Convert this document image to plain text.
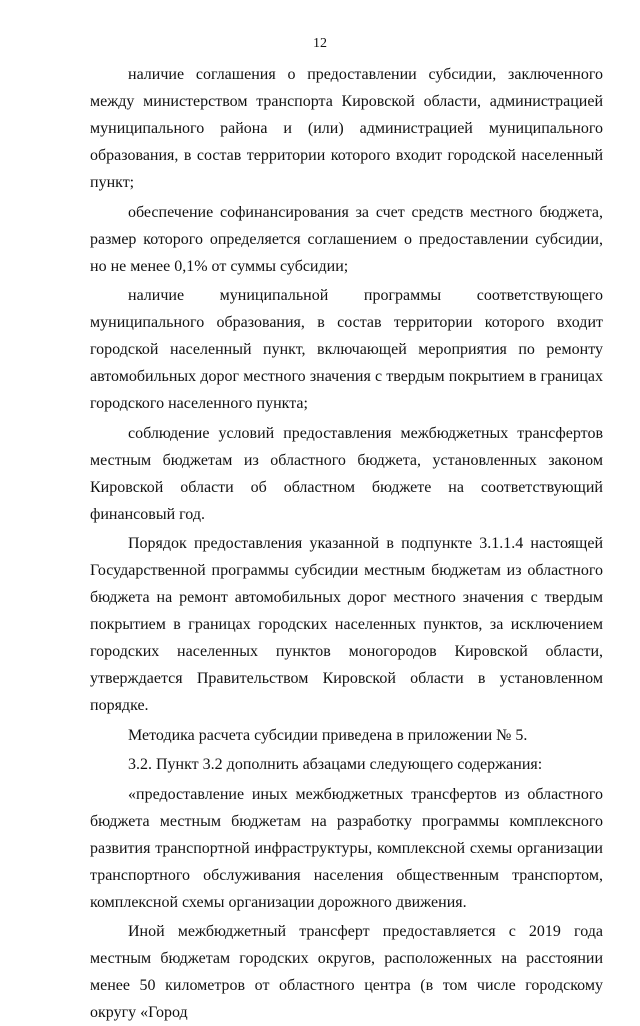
12

наличие соглашения о предоставлении субсидии, заключенного между министерством транспорта Кировской области, администрацией муниципального района и (или) администрацией муниципального образования, в состав территории которого входит городской населенный пункт;

обеспечение софинансирования за счет средств местного бюджета, размер которого определяется соглашением о предоставлении субсидии, но не менее 0,1% от суммы субсидии;

наличие муниципальной программы соответствующего муниципального образования, в состав территории которого входит городской населенный пункт, включающей мероприятия по ремонту автомобильных дорог местного значения с твердым покрытием в границах городского населенного пункта;

соблюдение условий предоставления межбюджетных трансфертов местным бюджетам из областного бюджета, установленных законом Кировской области об областном бюджете на соответствующий финансовый год.

Порядок предоставления указанной в подпункте 3.1.1.4 настоящей Государственной программы субсидии местным бюджетам из областного бюджета на ремонт автомобильных дорог местного значения с твердым покрытием в границах городских населенных пунктов, за исключением городских населенных пунктов моногородов Кировской области, утверждается Правительством Кировской области в установленном порядке.

Методика расчета субсидии приведена в приложении № 5.

3.2. Пункт 3.2 дополнить абзацами следующего содержания:

«предоставление иных межбюджетных трансфертов из областного бюджета местным бюджетам на разработку программы комплексного развития транспортной инфраструктуры, комплексной схемы организации транспортного обслуживания населения общественным транспортом, комплексной схемы организации дорожного движения.

Иной межбюджетный трансферт предоставляется с 2019 года местным бюджетам городских округов, расположенных на расстоянии менее 50 километров от областного центра (в том числе городскому округу «Город
